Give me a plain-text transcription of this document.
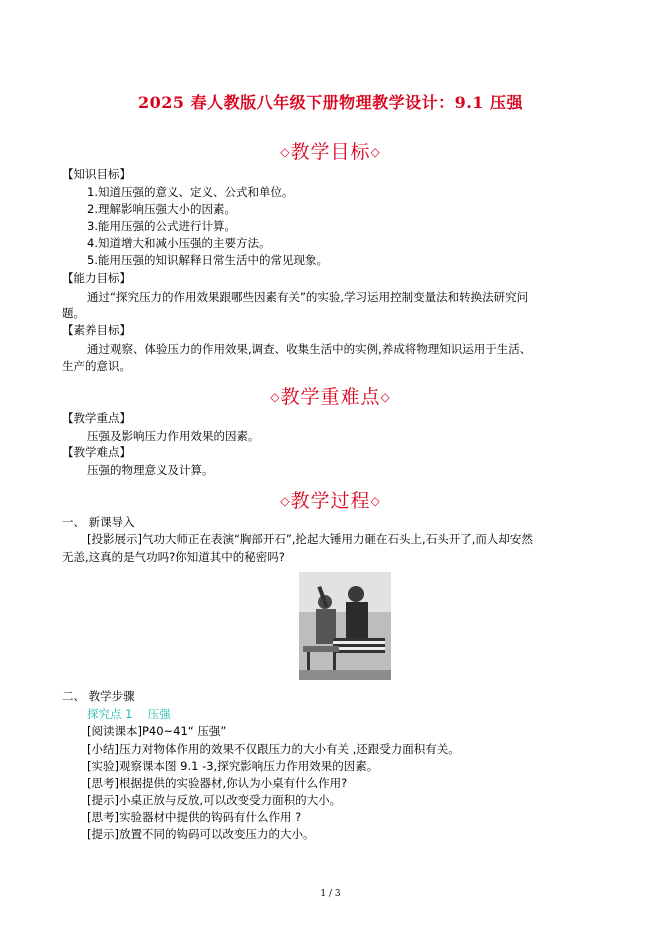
2025 春人教版八年级下册物理教学设计：9.1 压强
◇教学目标◇
【知识目标】
1.知道压强的意义、定义、公式和单位。
2.理解影响压强大小的因素。
3.能用压强的公式进行计算。
4.知道增大和减小压强的主要方法。
5.能用压强的知识解释日常生活中的常见现象。
【能力目标】
通过“探究压力的作用效果跟哪些因素有关”的实验,学习运用控制变量法和转换法研究问
题。
【素养目标】
通过观察、体验压力的作用效果,调查、收集生活中的实例,养成将物理知识运用于生活、
生产的意识。
◇教学重难点◇
【教学重点】
压强及影响压力作用效果的因素。
【教学难点】
压强的物理意义及计算。
◇教学过程◇
一、 新课导入
[投影展示]气功大师正在表演“胸部开石”,抡起大锤用力砸在石头上,石头开了,而人却安然
无恙,这真的是气功吗?你知道其中的秘密吗?
二、 教学步骤
探究点 1　 压强
[阅读课本]P40~41“ 压强”
[小结]压力对物体作用的效果不仅跟压力的大小有关 ,还跟受力面积有关。
[实验]观察课本图 9.1 -3,探究影响压力作用效果的因素。
[思考]根据提供的实验器材,你认为小桌有什么作用?
[提示]小桌正放与反放,可以改变受力面积的大小。
[思考]实验器材中提供的钩码有什么作用 ?
[提示]放置不同的钩码可以改变压力的大小。
1 / 3
